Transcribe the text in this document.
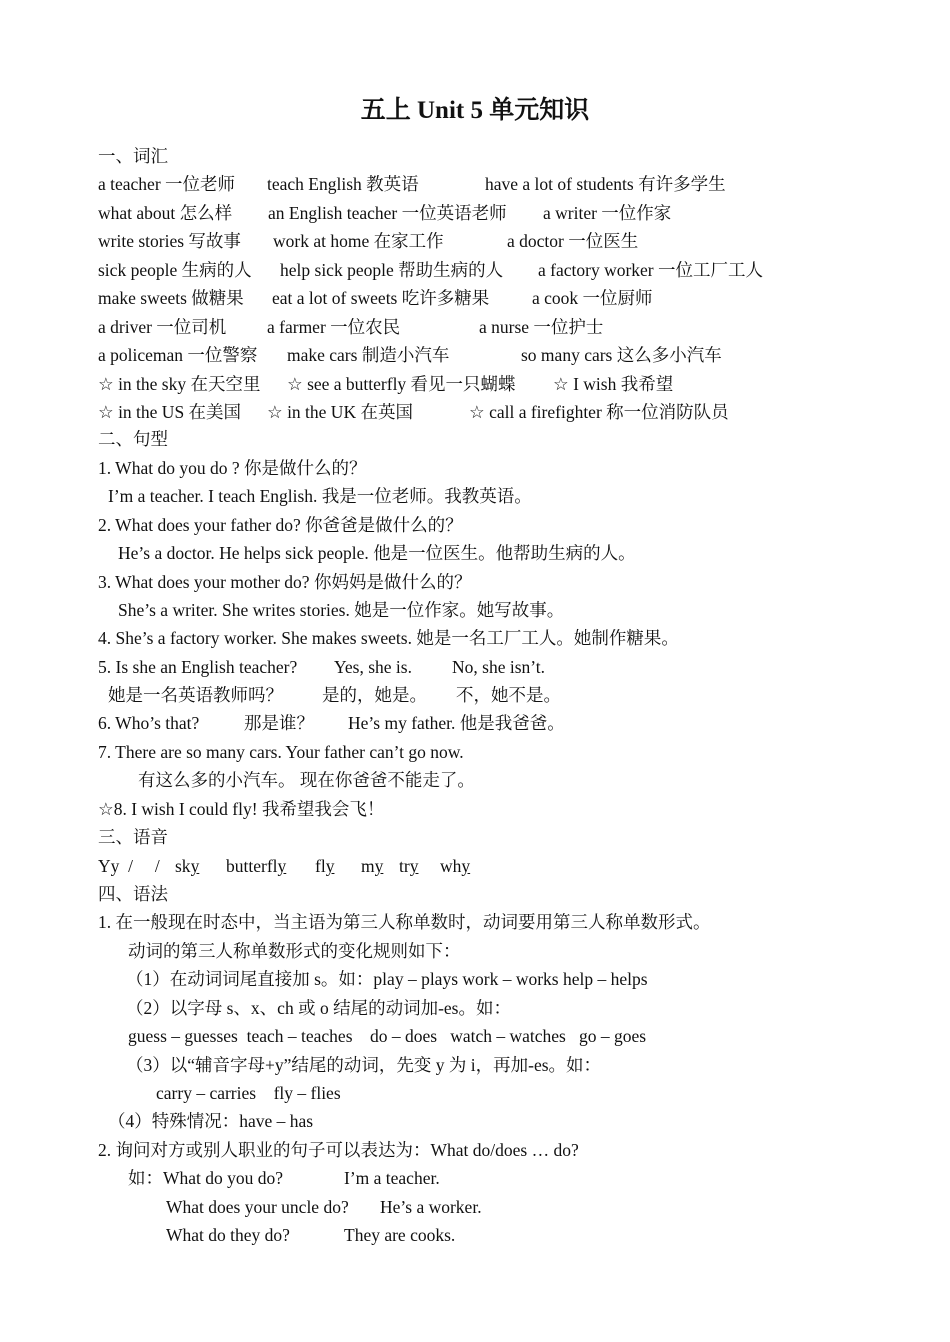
五上 Unit 5 单元知识
一、词汇
a teacher 一位老师 teach English 教英语	have a lot of students 有许多学生
what about 怎么样 an English teacher 一位英语老师 a writer 一位作家
write stories 写故事 work at home 在家工作	a doctor 一位医生
sick people 生病的人 help sick people 帮助生病的人 a factory worker 一位工厂工人
make sweets 做糖果 eat a lot of sweets 吃许多糖果 a cook 一位厨师
a driver 一位司机 a farmer 一位农民	a nurse 一位护士
a policeman 一位警察 make cars 制造小汽车	so many cars 这么多小汽车
☆ in the sky 在天空里 ☆ see a butterfly 看见一只蝴蝶 ☆ I wish 我希望
☆ in the US 在美国 ☆ in the UK 在英国	☆ call a firefighter 称一位消防队员
二、句型
1. What do you do ? 你是做什么的？
I’m a teacher. I teach English. 我是一位老师。我教英语。
2. What does your father do? 你爸爸是做什么的？
He’s a doctor. He helps sick people. 他是一位医生。他帮助生病的人。
3. What does your mother do? 你妈妈是做什么的？
She’s a writer. She writes stories. 她是一位作家。她写故事。
4. She’s a factory worker. She makes sweets. 她是一名工厂工人。她制作糖果。
5. Is she an English teacher? Yes, she is. No, she isn’t.
她是一名英语教师吗？ 是的，她是。 不，她不是。
6. Who’s that?	那是谁？ He’s my father. 他是我爸爸。
7. There are so many cars. Your father can’t go now.
有这么多的小汽车。 现在你爸爸不能走了。
☆8. I wish I could fly! 我希望我会飞！
三、语音
Yy  /     / sky butterfly fly my try why
四、语法
1. 在一般现在时态中，当主语为第三人称单数时，动词要用第三人称单数形式。
动词的第三人称单数形式的变化规则如下：
（1）在动词词尾直接加 s。如：play – plays work – works help – helps
（2）以字母 s、x、ch 或 o 结尾的动词加-es。如：
guess – guesses  teach – teaches    do – does   watch – watches   go – goes
（3）以“辅音字母+y”结尾的动词，先变 y 为 i，再加-es。如：
carry – carries    fly – flies
（4）特殊情况：have – has
2. 询问对方或别人职业的句子可以表达为：What do/does … do?
如：What do you do?	I’m a teacher.
What does your uncle do? He’s a worker.
What do they do?	They are cooks.
